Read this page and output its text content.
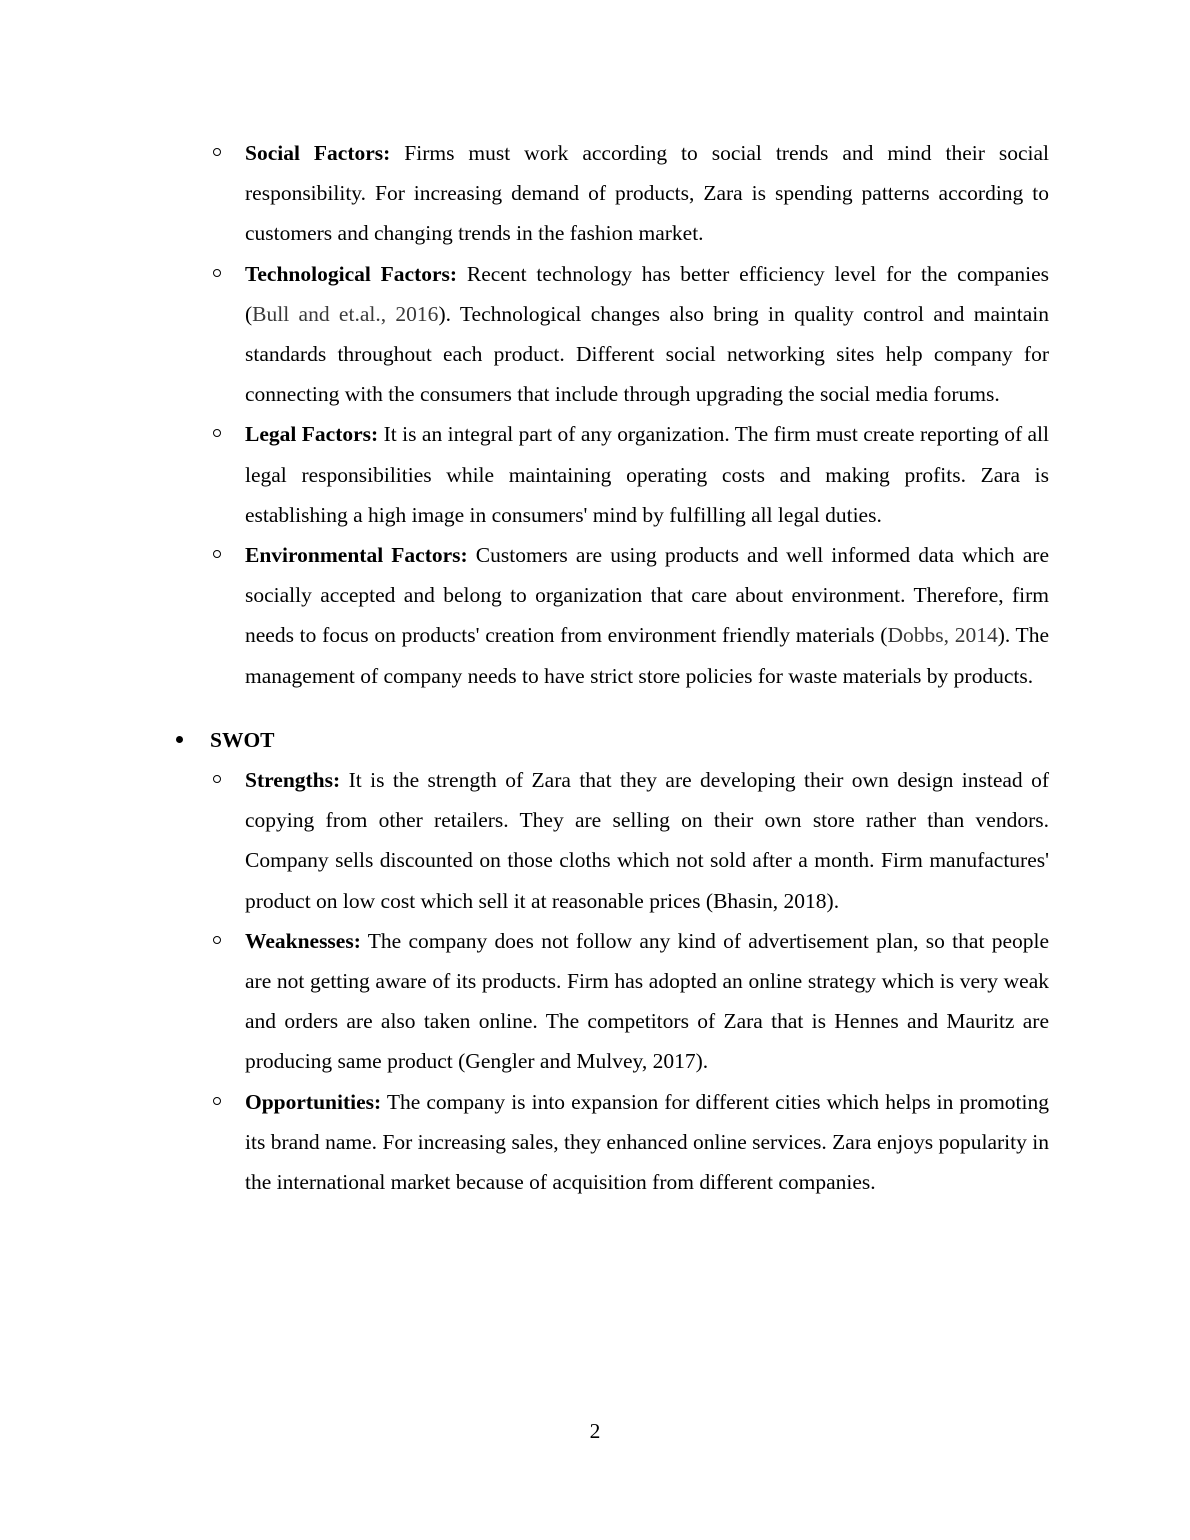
Social Factors: Firms must work according to social trends and mind their social responsibility. For increasing demand of products, Zara is spending patterns according to customers and changing trends in the fashion market.
Technological Factors: Recent technology has better efficiency level for the companies (Bull and et.al., 2016). Technological changes also bring in quality control and maintain standards throughout each product. Different social networking sites help company for connecting with the consumers that include through upgrading the social media forums.
Legal Factors: It is an integral part of any organization. The firm must create reporting of all legal responsibilities while maintaining operating costs and making profits. Zara is establishing a high image in consumers' mind by fulfilling all legal duties.
Environmental Factors: Customers are using products and well informed data which are socially accepted and belong to organization that care about environment. Therefore, firm needs to focus on products' creation from environment friendly materials (Dobbs, 2014). The management of company needs to have strict store policies for waste materials by products.
SWOT
Strengths: It is the strength of Zara that they are developing their own design instead of copying from other retailers. They are selling on their own store rather than vendors. Company sells discounted on those cloths which not sold after a month. Firm manufactures' product on low cost which sell it at reasonable prices (Bhasin, 2018).
Weaknesses: The company does not follow any kind of advertisement plan, so that people are not getting aware of its products. Firm has adopted an online strategy which is very weak and orders are also taken online. The competitors of Zara that is Hennes and Mauritz are producing same product (Gengler and Mulvey, 2017).
Opportunities: The company is into expansion for different cities which helps in promoting its brand name. For increasing sales, they enhanced online services. Zara enjoys popularity in the international market because of acquisition from different companies.
2
